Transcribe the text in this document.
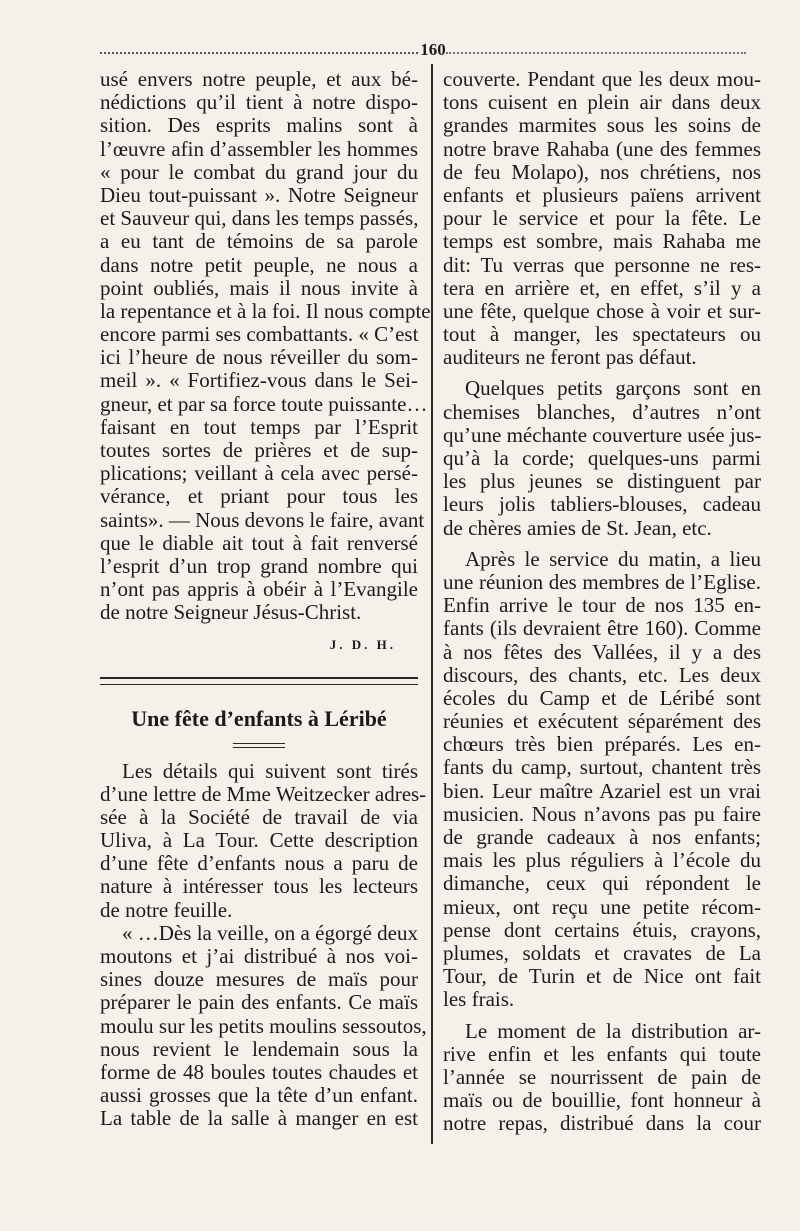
160
usé envers notre peuple, et aux bé-
nédictions qu’il tient à notre dispo-
sition. Des esprits malins sont à
l’œuvre afin d’assembler les hommes
« pour le combat du grand jour du
Dieu tout-puissant ». Notre Seigneur
et Sauveur qui, dans les temps passés,
a eu tant de témoins de sa parole
dans notre petit peuple, ne nous a
point oubliés, mais il nous invite à
la repentance et à la foi. Il nous compte
encore parmi ses combattants. « C’est
ici l’heure de nous réveiller du som-
meil ». « Fortifiez-vous dans le Sei-
gneur, et par sa force toute puissante…
faisant en tout temps par l’Esprit
toutes sortes de prières et de sup-
plications; veillant à cela avec persé-
vérance, et priant pour tous les
saints». — Nous devons le faire, avant
que le diable ait tout à fait renversé
l’esprit d’un trop grand nombre qui
n’ont pas appris à obéir à l’Evangile
de notre Seigneur Jésus-Christ.
J. D. H.
Une fête d’enfants à Léribé
Les détails qui suivent sont tirés
d’une lettre de Mme Weitzecker adres-
sée à la Société de travail de via
Uliva, à La Tour. Cette description
d’une fête d’enfants nous a paru de
nature à intéresser tous les lecteurs
de notre feuille.
« …Dès la veille, on a égorgé deux
moutons et j’ai distribué à nos voi-
sines douze mesures de maïs pour
préparer le pain des enfants. Ce maïs
moulu sur les petits moulins sessoutos,
nous revient le lendemain sous la
forme de 48 boules toutes chaudes et
aussi grosses que la tête d’un enfant.
La table de la salle à manger en est
couverte. Pendant que les deux mou-
tons cuisent en plein air dans deux
grandes marmites sous les soins de
notre brave Rahaba (une des femmes
de feu Molapo), nos chrétiens, nos
enfants et plusieurs païens arrivent
pour le service et pour la fête. Le
temps est sombre, mais Rahaba me
dit: Tu verras que personne ne res-
tera en arrière et, en effet, s’il y a
une fête, quelque chose à voir et sur-
tout à manger, les spectateurs ou
auditeurs ne feront pas défaut.
Quelques petits garçons sont en
chemises blanches, d’autres n’ont
qu’une méchante couverture usée jus-
qu’à la corde; quelques-uns parmi
les plus jeunes se distinguent par
leurs jolis tabliers-blouses, cadeau
de chères amies de St. Jean, etc.
Après le service du matin, a lieu
une réunion des membres de l’Eglise.
Enfin arrive le tour de nos 135 en-
fants (ils devraient être 160). Comme
à nos fêtes des Vallées, il y a des
discours, des chants, etc. Les deux
écoles du Camp et de Léribé sont
réunies et exécutent séparément des
chœurs très bien préparés. Les en-
fants du camp, surtout, chantent très
bien. Leur maître Azariel est un vrai
musicien. Nous n’avons pas pu faire
de grande cadeaux à nos enfants;
mais les plus réguliers à l’école du
dimanche, ceux qui répondent le
mieux, ont reçu une petite récom-
pense dont certains étuis, crayons,
plumes, soldats et cravates de La
Tour, de Turin et de Nice ont fait
les frais.
Le moment de la distribution ar-
rive enfin et les enfants qui toute
l’année se nourrissent de pain de
maïs ou de bouillie, font honneur à
notre repas, distribué dans la cour
